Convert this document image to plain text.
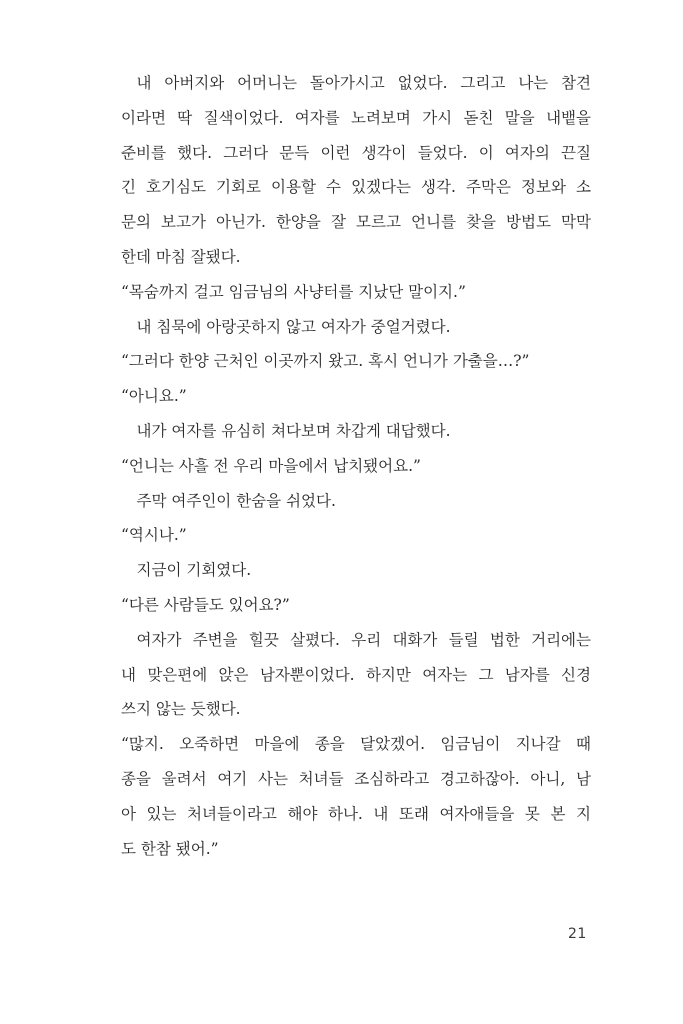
내 아버지와 어머니는 돌아가시고 없었다. 그리고 나는 참견
이라면 딱 질색이었다. 여자를 노려보며 가시 돋친 말을 내뱉을
준비를 했다. 그러다 문득 이런 생각이 들었다. 이 여자의 끈질
긴 호기심도 기회로 이용할 수 있겠다는 생각. 주막은 정보와 소
문의 보고가 아닌가. 한양을 잘 모르고 언니를 찾을 방법도 막막
한데 마침 잘됐다.
“목숨까지 걸고 임금님의 사냥터를 지났단 말이지.”
내 침묵에 아랑곳하지 않고 여자가 중얼거렸다.
“그러다 한양 근처인 이곳까지 왔고. 혹시 언니가 가출을…?”
“아니요.”
내가 여자를 유심히 쳐다보며 차갑게 대답했다.
“언니는 사흘 전 우리 마을에서 납치됐어요.”
주막 여주인이 한숨을 쉬었다.
“역시나.”
지금이 기회였다.
“다른 사람들도 있어요?”
여자가 주변을 힐끗 살폈다. 우리 대화가 들릴 법한 거리에는
내 맞은편에 앉은 남자뿐이었다. 하지만 여자는 그 남자를 신경
쓰지 않는 듯했다.
“많지. 오죽하면 마을에 종을 달았겠어. 임금님이 지나갈 때
종을 울려서 여기 사는 처녀들 조심하라고 경고하잖아. 아니, 남
아 있는 처녀들이라고 해야 하나. 내 또래 여자애들을 못 본 지
도 한참 됐어.”
21
